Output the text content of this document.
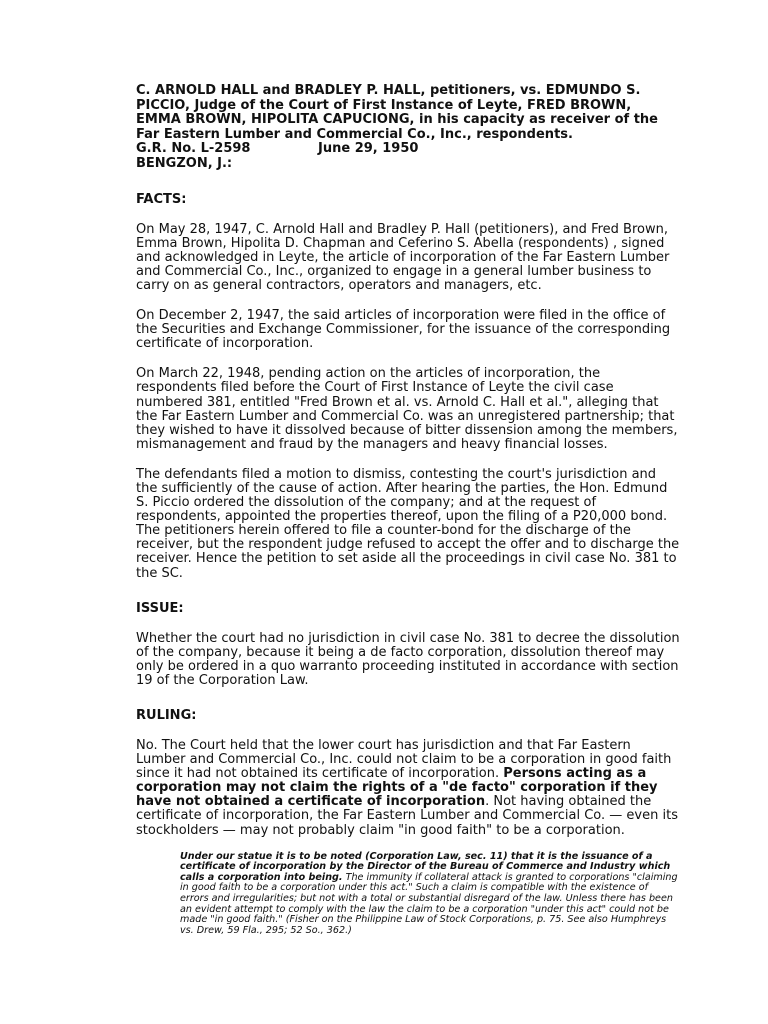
C. ARNOLD HALL and BRADLEY P. HALL, petitioners, vs. EDMUNDO S. PICCIO, Judge of the Court of First Instance of Leyte, FRED BROWN, EMMA BROWN, HIPOLITA CAPUCIONG, in his capacity as receiver of the Far Eastern Lumber and Commercial Co., Inc., respondents.
G.R. No. L-2598	June 29, 1950
BENGZON, J.:
FACTS:

On May 28, 1947, C. Arnold Hall and Bradley P. Hall (petitioners), and Fred Brown, Emma Brown, Hipolita D. Chapman and Ceferino S. Abella (respondents) , signed and acknowledged in Leyte, the article of incorporation of the Far Eastern Lumber and Commercial Co., Inc., organized to engage in a general lumber business to carry on as general contractors, operators and managers, etc.

On December 2, 1947, the said articles of incorporation were filed in the office of the Securities and Exchange Commissioner, for the issuance of the corresponding certificate of incorporation.

On March 22, 1948, pending action on the articles of incorporation, the respondents filed before the Court of First Instance of Leyte the civil case numbered 381, entitled "Fred Brown et al. vs. Arnold C. Hall et al.", alleging that the Far Eastern Lumber and Commercial Co. was an unregistered partnership; that they wished to have it dissolved because of bitter dissension among the members, mismanagement and fraud by the managers and heavy financial losses.

The defendants filed a motion to dismiss, contesting the court's jurisdiction and the sufficiently of the cause of action. After hearing the parties, the Hon. Edmund S. Piccio ordered the dissolution of the company; and at the request of respondents, appointed the properties thereof, upon the filing of a P20,000 bond. The petitioners herein offered to file a counter-bond for the discharge of the receiver, but the respondent judge refused to accept the offer and to discharge the receiver. Hence the petition to set aside all the proceedings in civil case No. 381 to the SC.

ISSUE:

Whether the court had no jurisdiction in civil case No. 381 to decree the dissolution of the company, because it being a de facto corporation, dissolution thereof may only be ordered in a quo warranto proceeding instituted in accordance with section 19 of the Corporation Law.

RULING:

No. The Court held that the lower court has jurisdiction and that Far Eastern Lumber and Commercial Co., Inc. could not claim to be a corporation in good faith since it had not obtained its certificate of incorporation. Persons acting as a corporation may not claim the rights of a "de facto" corporation if they have not obtained a certificate of incorporation. Not having obtained the certificate of incorporation, the Far Eastern Lumber and Commercial Co. — even its stockholders — may not probably claim "in good faith" to be a corporation.

Under our statue it is to be noted (Corporation Law, sec. 11) that it is the issuance of a certificate of incorporation by the Director of the Bureau of Commerce and Industry which calls a corporation into being. The immunity if collateral attack is granted to corporations "claiming in good faith to be a corporation under this act." Such a claim is compatible with the existence of errors and irregularities; but not with a total or substantial disregard of the law. Unless there has been an evident attempt to comply with the law the claim to be a corporation "under this act" could not be made "in good faith." (Fisher on the Philippine Law of Stock Corporations, p. 75. See also Humphreys vs. Drew, 59 Fla., 295; 52 So., 362.)
